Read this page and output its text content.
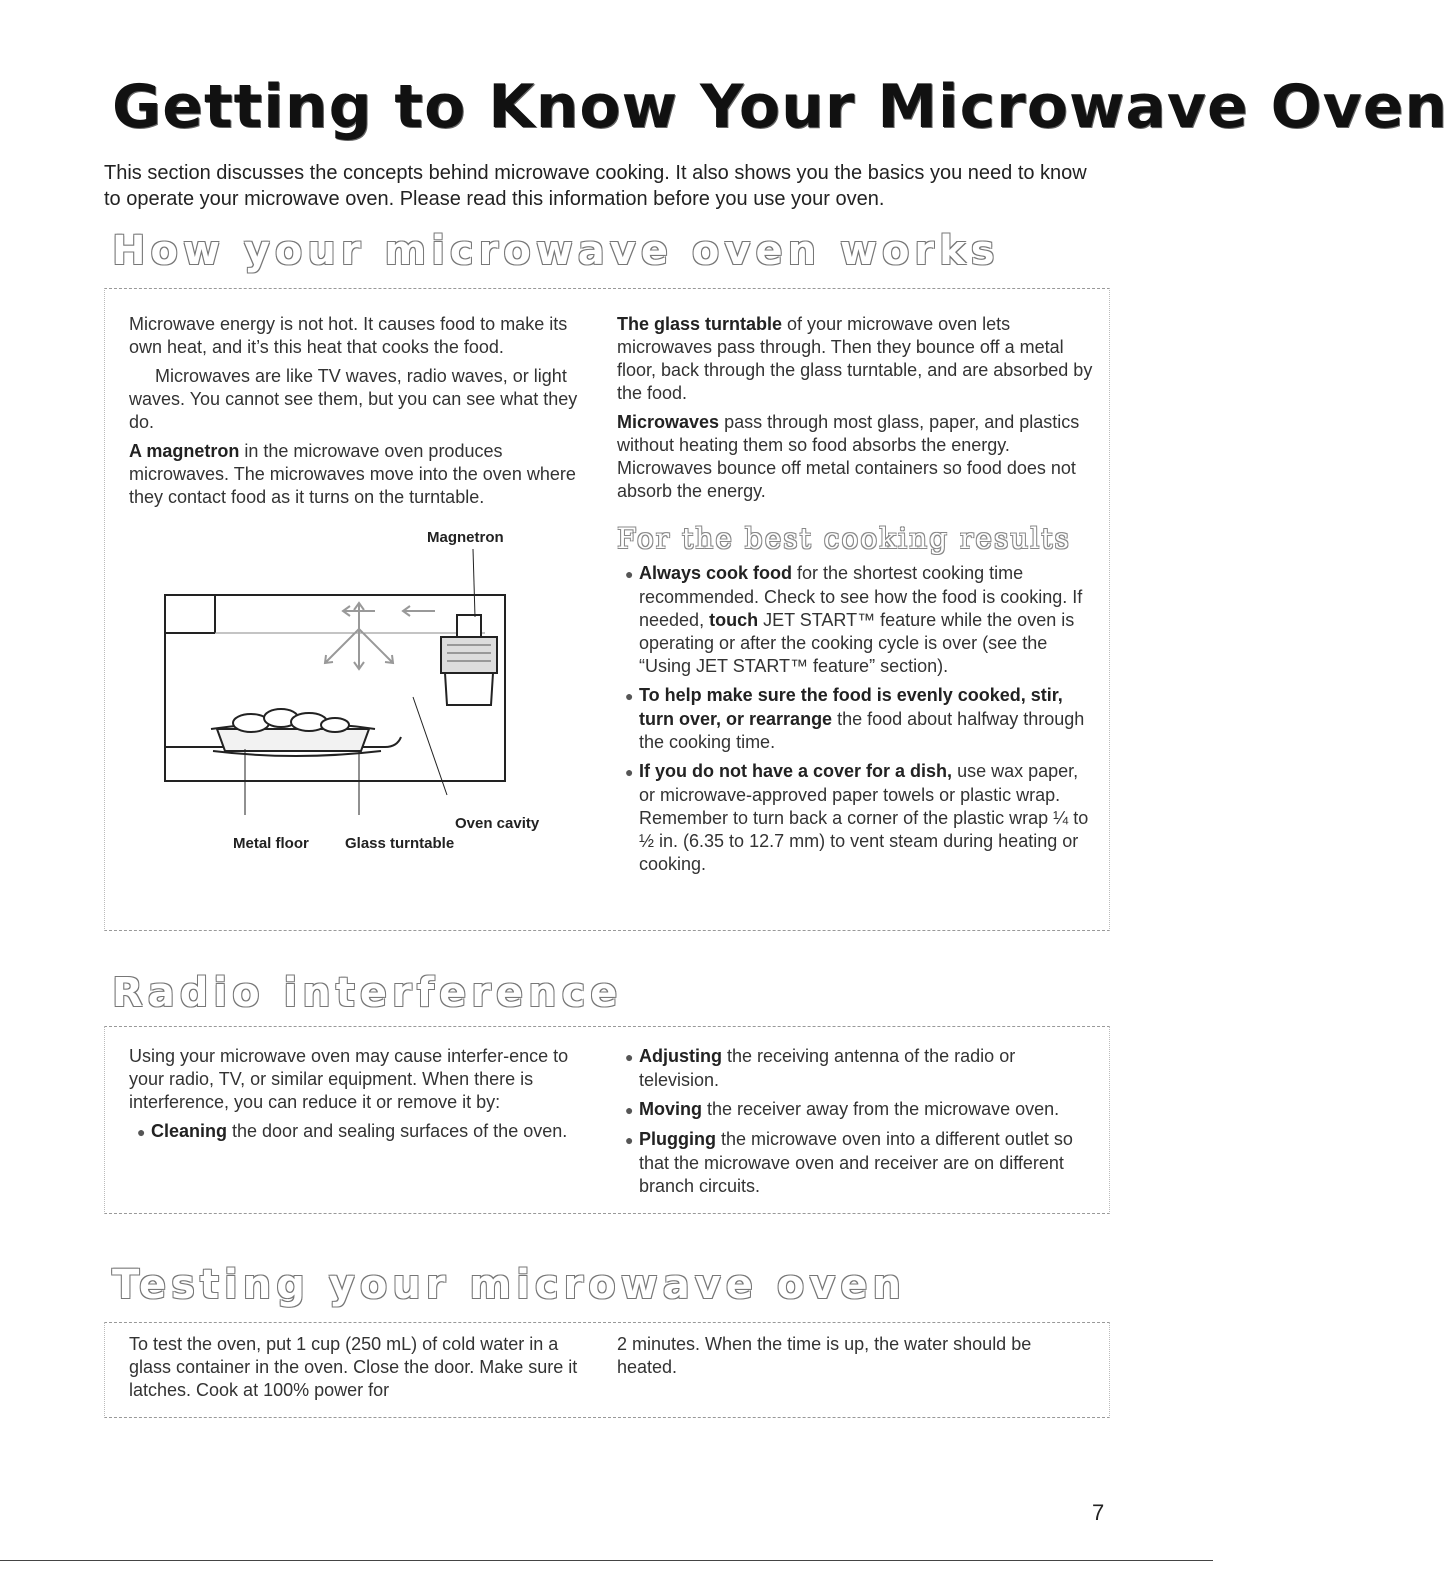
Getting to Know Your Microwave Oven
This section discusses the concepts behind microwave cooking. It also shows you the basics you need to know to operate your microwave oven. Please read this information before you use your oven.
How your microwave oven works

Microwave energy is not hot. It causes food to make its own heat, and it’s this heat that cooks the food.

Microwaves are like TV waves, radio waves, or light waves. You cannot see them, but you can see what they do.

A magnetron in the microwave oven produces microwaves. The microwaves move into the oven where they contact food as it turns on the turntable.

Magnetron
Oven cavity
Metal floor Glass turntable

The glass turntable of your microwave oven lets microwaves pass through. Then they bounce off a metal floor, back through the glass turntable, and are absorbed by the food.

Microwaves pass through most glass, paper, and plastics without heating them so food absorbs the energy. Microwaves bounce off metal containers so food does not absorb the energy.

For the best cooking results

● Always cook food for the shortest cooking time recommended. Check to see how the food is cooking. If needed, touch JET START™ feature while the oven is operating or after the cooking cycle is over (see the “Using JET START™ feature” section).

● To help make sure the food is evenly cooked, stir, turn over, or rearrange the food about halfway through the cooking time.

● If you do not have a cover for a dish, use wax paper, or microwave-approved paper towels or plastic wrap. Remember to turn back a corner of the plastic wrap ¼ to ½ in. (6.35 to 12.7 mm) to vent steam during heating or cooking.

Radio interference

Using your microwave oven may cause interfer-ence to your radio, TV, or similar equipment. When there is interference, you can reduce it or remove it by:

● Cleaning the door and sealing surfaces of the oven.

● Adjusting the receiving antenna of the radio or television.

● Moving the receiver away from the microwave oven.

● Plugging the microwave oven into a different outlet so that the microwave oven and receiver are on different branch circuits.

Testing your microwave oven

To test the oven, put 1 cup (250 mL) of cold water in a glass container in the oven. Close the door. Make sure it latches. Cook at 100% power for

2 minutes. When the time is up, the water should be heated.

7
